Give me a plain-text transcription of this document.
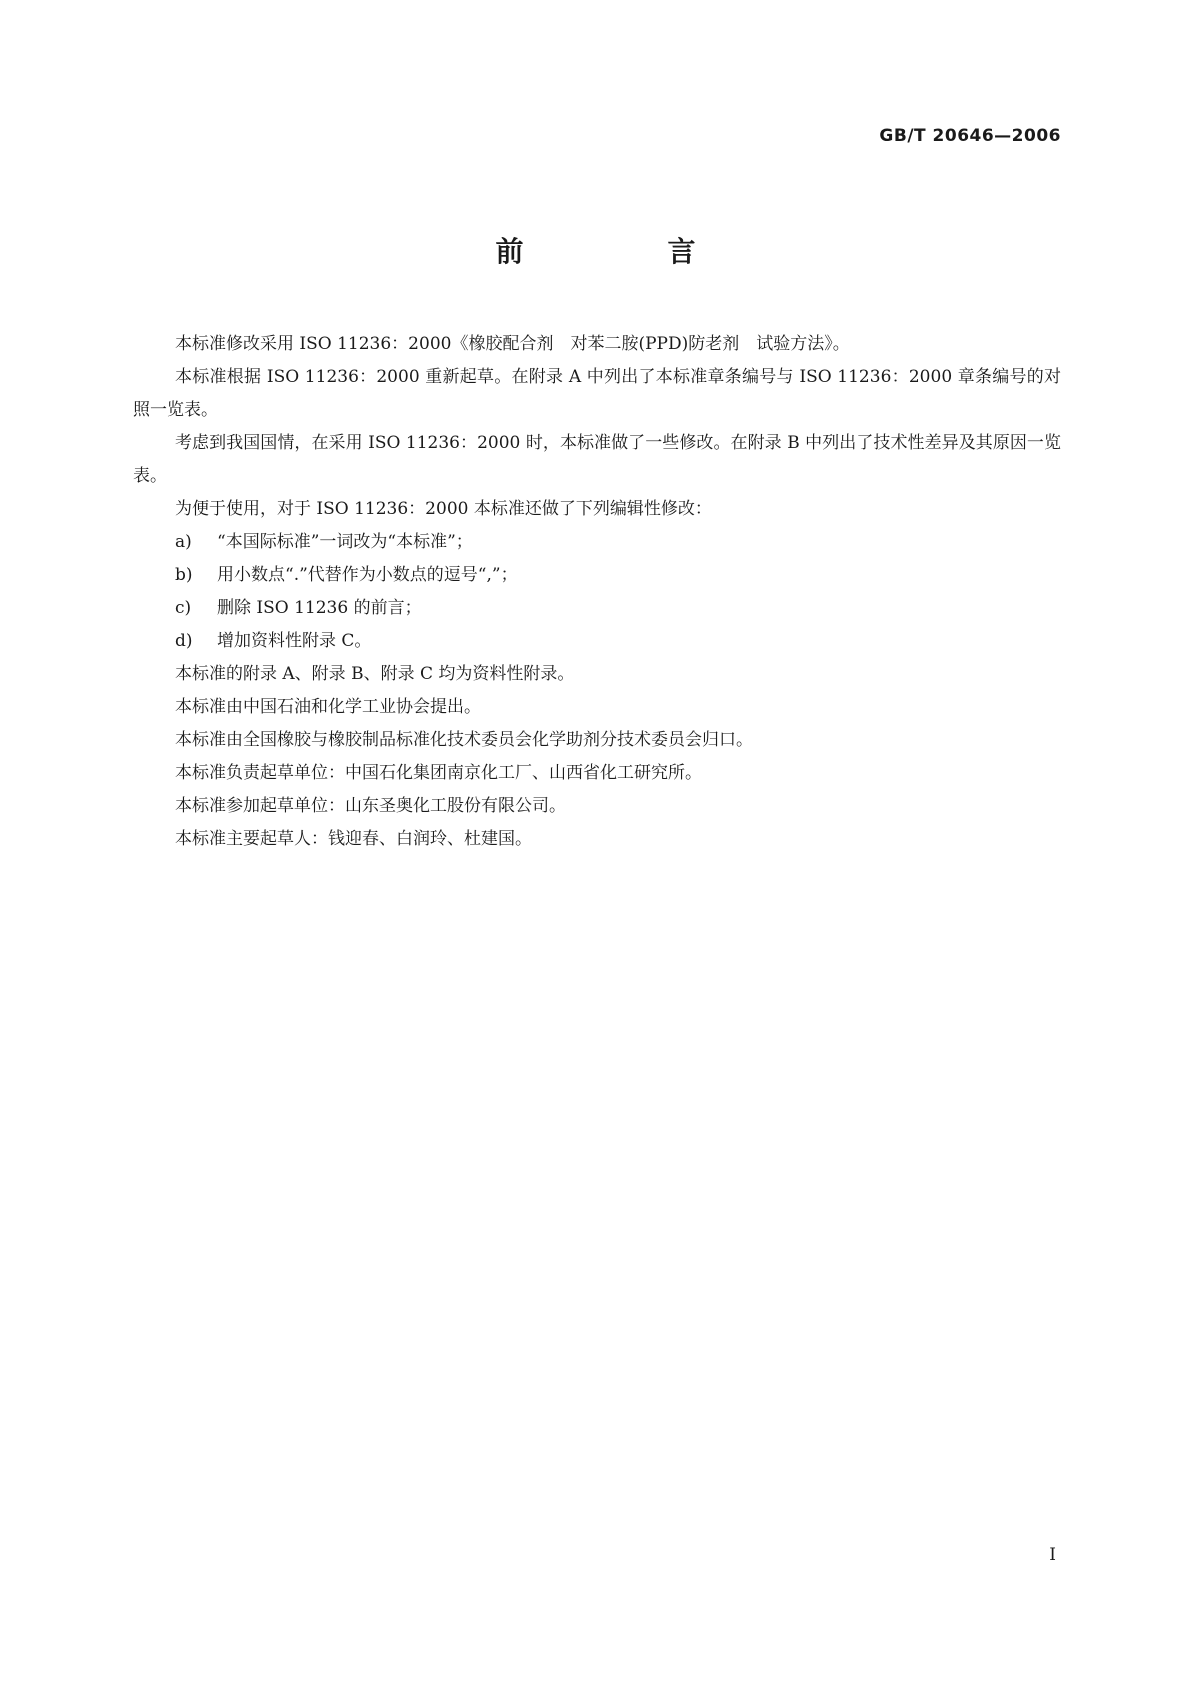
GB/T 20646—2006
前　言

本标准修改采用 ISO 11236：2000《橡胶配合剂　对苯二胺(PPD)防老剂　试验方法》。

本标准根据 ISO 11236：2000 重新起草。在附录 A 中列出了本标准章条编号与 ISO 11236：2000 章条编号的对照一览表。

考虑到我国国情，在采用 ISO 11236：2000 时，本标准做了一些修改。在附录 B 中列出了技术性差异及其原因一览表。

为便于使用，对于 ISO 11236：2000 本标准还做了下列编辑性修改：

a) “本国际标准”一词改为“本标准”；

b) 用小数点“.”代替作为小数点的逗号“,”；

c) 删除 ISO 11236 的前言；

d) 增加资料性附录 C。

本标准的附录 A、附录 B、附录 C 均为资料性附录。

本标准由中国石油和化学工业协会提出。

本标准由全国橡胶与橡胶制品标准化技术委员会化学助剂分技术委员会归口。

本标准负责起草单位：中国石化集团南京化工厂、山西省化工研究所。

本标准参加起草单位：山东圣奥化工股份有限公司。

本标准主要起草人：钱迎春、白润玲、杜建国。

I
